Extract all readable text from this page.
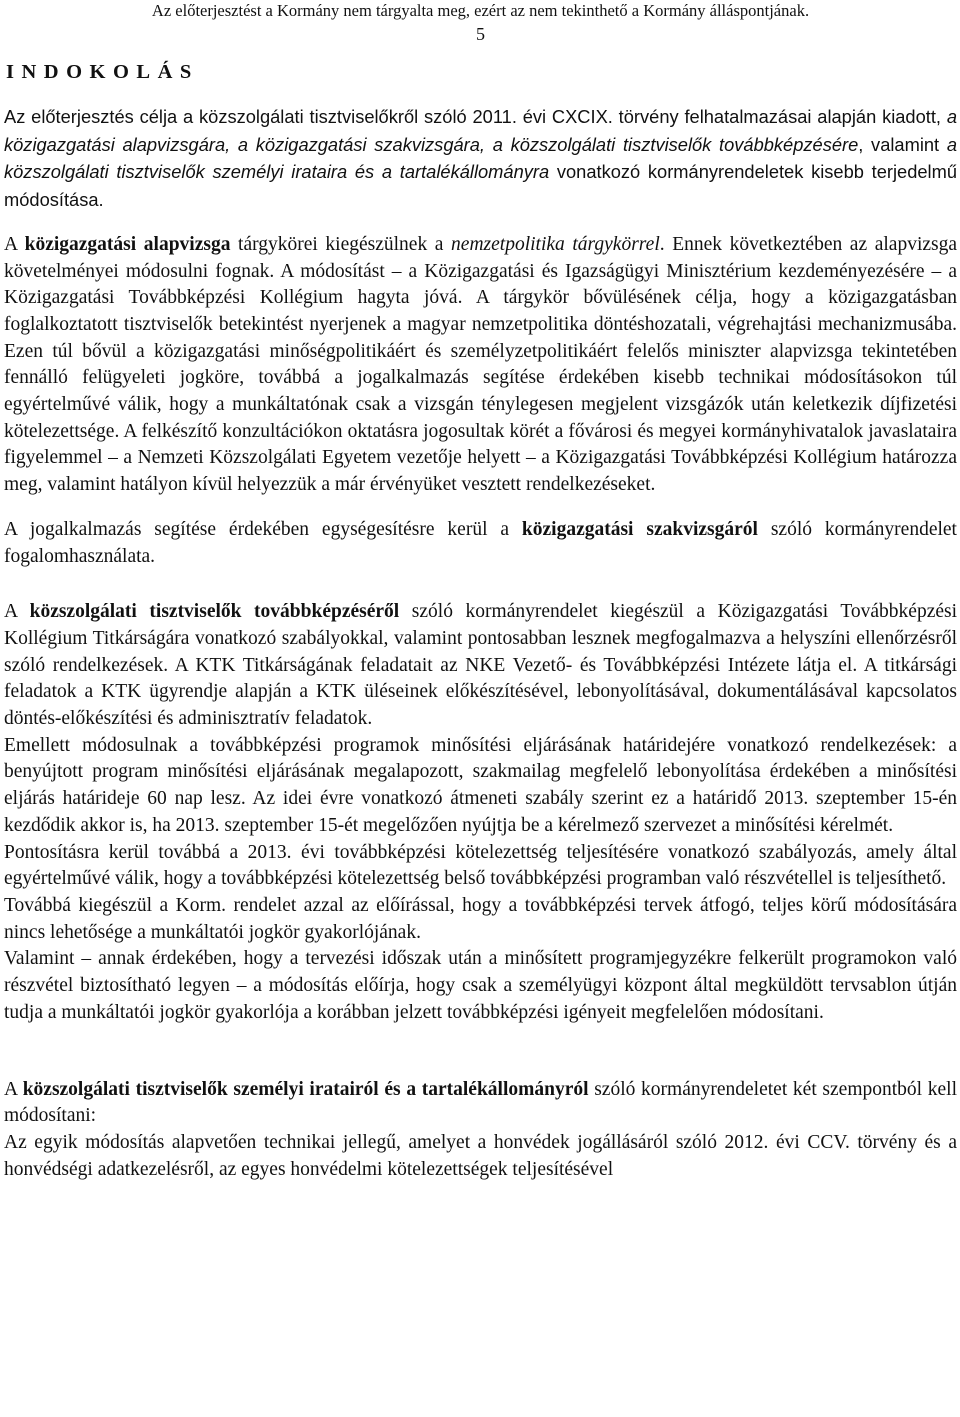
Az előterjesztést a Kormány nem tárgyalta meg, ezért az nem tekinthető a Kormány álláspontjának.
5
INDOKOLÁS

Az előterjesztés célja a közszolgálati tisztviselőkről szóló 2011. évi CXCIX. törvény felhatalmazásai alapján kiadott, a közigazgatási alapvizsgára, a közigazgatási szakvizsgára, a közszolgálati tisztviselők továbbképzésére, valamint a közszolgálati tisztviselők személyi irataira és a tartalékállományra vonatkozó kormányrendeletek kisebb terjedelmű módosítása.

A közigazgatási alapvizsga tárgykörei kiegészülnek a nemzetpolitika tárgykörrel. Ennek következtében az alapvizsga követelményei módosulni fognak. A módosítást – a Közigazgatási és Igazságügyi Minisztérium kezdeményezésére – a Közigazgatási Továbbképzési Kollégium hagyta jóvá. A tárgykör bővülésének célja, hogy a közigazgatásban foglalkoztatott tisztviselők betekintést nyerjenek a magyar nemzetpolitika döntéshozatali, végrehajtási mechanizmusába. Ezen túl bővül a közigazgatási minőségpolitikáért és személyzetpolitikáért felelős miniszter alapvizsga tekintetében fennálló felügyeleti jogköre, továbbá a jogalkalmazás segítése érdekében kisebb technikai módosításokon túl egyértelművé válik, hogy a munkáltatónak csak a vizsgán ténylegesen megjelent vizsgázók után keletkezik díjfizetési kötelezettsége. A felkészítő konzultációkon oktatásra jogosultak körét a fővárosi és megyei kormányhivatalok javaslataira figyelemmel – a Nemzeti Közszolgálati Egyetem vezetője helyett – a Közigazgatási Továbbképzési Kollégium határozza meg, valamint hatályon kívül helyezzük a már érvényüket vesztett rendelkezéseket.

A jogalkalmazás segítése érdekében egységesítésre kerül a közigazgatási szakvizsgáról szóló kormányrendelet fogalomhasználata.

A közszolgálati tisztviselők továbbképzéséről szóló kormányrendelet kiegészül a Közigazgatási Továbbképzési Kollégium Titkárságára vonatkozó szabályokkal, valamint pontosabban lesznek megfogalmazva a helyszíni ellenőrzésről szóló rendelkezések. A KTK Titkárságának feladatait az NKE Vezető- és Továbbképzési Intézete látja el. A titkársági feladatok a KTK ügyrendje alapján a KTK üléseinek előkészítésével, lebonyolításával, dokumentálásával kapcsolatos döntés-előkészítési és adminisztratív feladatok.

Emellett módosulnak a továbbképzési programok minősítési eljárásának határidejére vonatkozó rendelkezések: a benyújtott program minősítési eljárásának megalapozott, szakmailag megfelelő lebonyolítása érdekében a minősítési eljárás határideje 60 nap lesz. Az idei évre vonatkozó átmeneti szabály szerint ez a határidő 2013. szeptember 15-én kezdődik akkor is, ha 2013. szeptember 15-ét megelőzően nyújtja be a kérelmező szervezet a minősítési kérelmét.

Pontosításra kerül továbbá a 2013. évi továbbképzési kötelezettség teljesítésére vonatkozó szabályozás, amely által egyértelművé válik, hogy a továbbképzési kötelezettség belső továbbképzési programban való részvétellel is teljesíthető.

Továbbá kiegészül a Korm. rendelet azzal az előírással, hogy a továbbképzési tervek átfogó, teljes körű módosítására nincs lehetősége a munkáltatói jogkör gyakorlójának.

Valamint – annak érdekében, hogy a tervezési időszak után a minősített programjegyzékre felkerült programokon való részvétel biztosítható legyen – a módosítás előírja, hogy csak a személyügyi központ által megküldött tervsablon útján tudja a munkáltatói jogkör gyakorlója a korábban jelzett továbbképzési igényeit megfelelően módosítani.

A közszolgálati tisztviselők személyi iratairól és a tartalékállományról szóló kormányrendeletet két szempontból kell módosítani:

Az egyik módosítás alapvetően technikai jellegű, amelyet a honvédek jogállásáról szóló 2012. évi CCV. törvény és a honvédségi adatkezelésről, az egyes honvédelmi kötelezettségek teljesítésével
